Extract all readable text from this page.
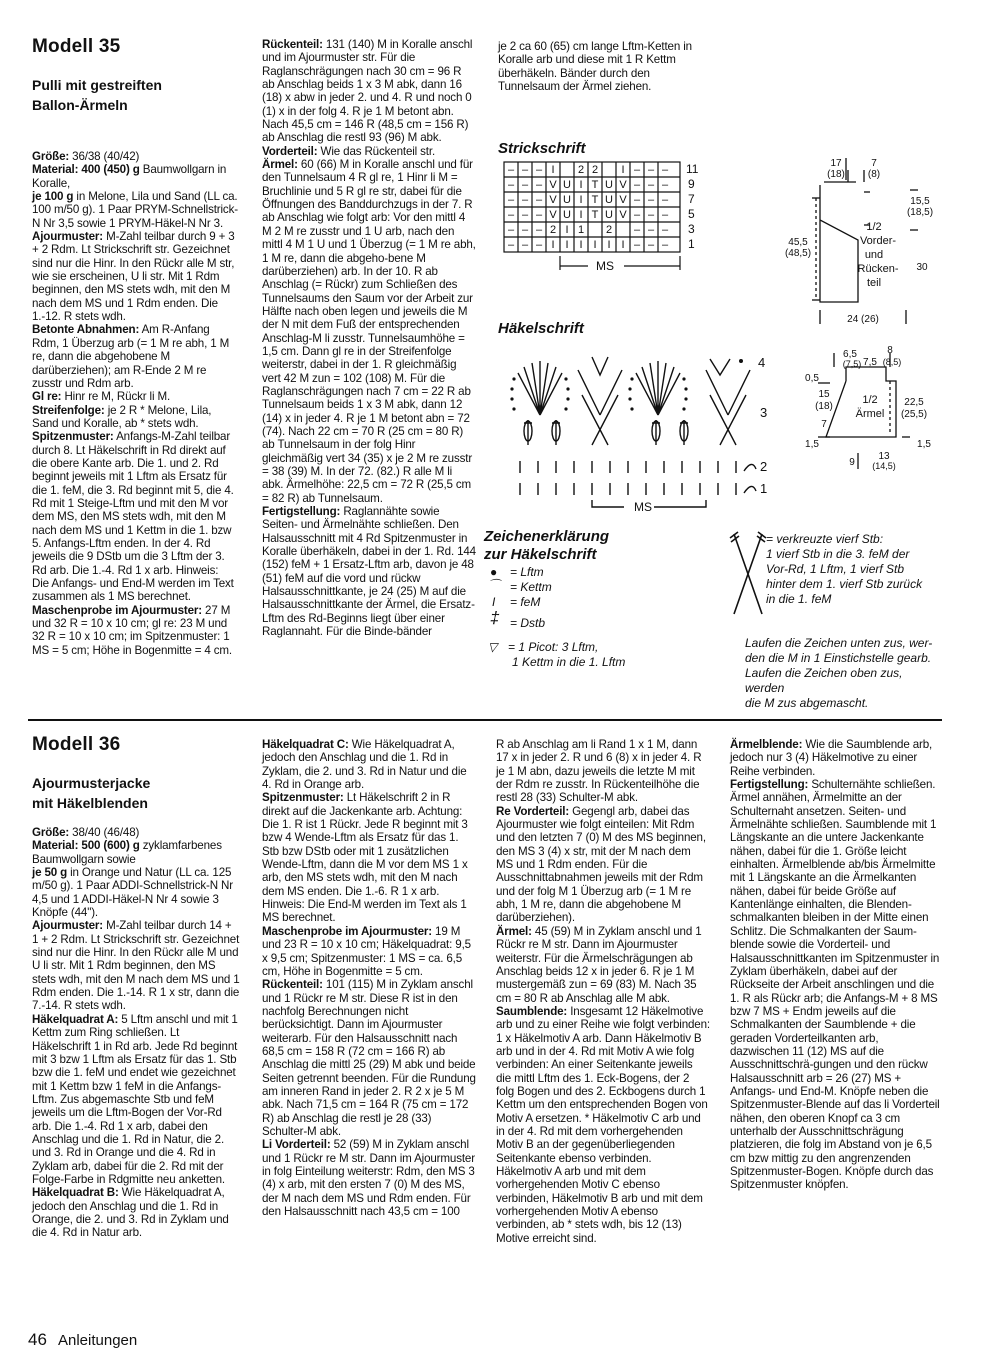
Modell 35
Pulli mit gestreiften
Ballon-Ärmeln

Größe: 36/38 (40/42)

Material: 400 (450) g Baumwollgarn in Koralle,

je 100 g in Melone, Lila und Sand (LL ca. 100 m/50 g). 1 Paar PRYM-Schnellstrick-N Nr 3,5 sowie 1 PRYM-Häkel-N Nr 3.

Ajourmuster: M-Zahl teilbar durch 9 + 3 + 2 Rdm. Lt Strickschrift str. Gezeichnet sind nur die Hinr. In den Rückr alle M str, wie sie erscheinen, U li str. Mit 1 Rdm beginnen, den MS stets wdh, mit den M nach dem MS und 1 Rdm enden. Die 1.-12. R stets wdh.

Betonte Abnahmen: Am R-Anfang Rdm, 1 Überzug arb (= 1 M re abh, 1 M re, dann die abgehobene M darüberziehen); am R-Ende 2 M re zusstr und Rdm arb.

Gl re: Hinr re M, Rückr li M.

Streifenfolge: je 2 R * Melone, Lila, Sand und Koralle, ab * stets wdh.

Spitzenmuster: Anfangs-M-Zahl teilbar durch 8. Lt Häkelschrift in Rd direkt auf die obere Kante arb. Die 1. und 2. Rd beginnt jeweils mit 1 Lftm als Ersatz für die 1. feM, die 3. Rd beginnt mit 5, die 4. Rd mit 1 Steige-Lftm und mit den M vor dem MS, den MS stets wdh, mit den M nach dem MS und 1 Kettm in die 1. bzw 5. Anfangs-Lftm enden. In der 4. Rd jeweils die 9 DStb um die 3 Lftm der 3. Rd arb. Die 1.-4. Rd 1 x arb. Hinweis: Die Anfangs- und End-M werden im Text zusammen als 1 MS berechnet.

Maschenprobe im Ajourmuster: 27 M und 32 R = 10 x 10 cm; gl re: 23 M und 32 R = 10 x 10 cm; im Spitzenmuster: 1 MS = 5 cm; Höhe in Bogenmitte = 4 cm.

Rückenteil: 131 (140) M in Koralle anschl und im Ajourmuster str. Für die Raglanschrägungen nach 30 cm = 96 R ab Anschlag beids 1 x 3 M abk, dann 16 (18) x abw in jeder 2. und 4. R und noch 0 (1) x in der folg 4. R je 1 M betont abn. Nach 45,5 cm = 146 R (48,5 cm = 156 R) ab Anschlag die restl 93 (96) M abk.

Vorderteil: Wie das Rückenteil str.

Ärmel: 60 (66) M in Koralle anschl und für den Tunnelsaum 4 R gl re, 1 Hinr li M = Bruchlinie und 5 R gl re str, dabei für die Öffnungen des Banddurchzugs in der 7. R ab Anschlag wie folgt arb: Vor den mittl 4 M 2 M re zusstr und 1 U arb, nach den mittl 4 M 1 U und 1 Überzug (= 1 M re abh, 1 M re, dann die abgeho-bene M darüberziehen) arb. In der 10. R ab Anschlag (= Rückr) zum Schließen des Tunnelsaums den Saum vor der Arbeit zur Hälfte nach oben legen und jeweils die M der N mit dem Fuß der entsprechenden Anschlag-M li zusstr. Tunnelsaumhöhe = 1,5 cm. Dann gl re in der Streifenfolge weiterstr, dabei in der 1. R gleichmäßig vert 42 M zun = 102 (108) M. Für die Raglanschrägungen nach 7 cm = 22 R ab Tunnelsaum beids 1 x 3 M abk, dann 12 (14) x in jeder 4. R je 1 M betont abn = 72 (74). Nach 22 cm = 70 R (25 cm = 80 R) ab Tunnelsaum in der folg Hinr gleichmäßig vert 34 (35) x je 2 M re zusstr = 38 (39) M. In der 72. (82.) R alle M li abk. Ärmelhöhe: 22,5 cm = 72 R (25,5 cm = 82 R) ab Tunnelsaum.

Fertigstellung: Raglannähte sowie Seiten- und Ärmelnähte schließen. Den Halsausschnitt mit 4 Rd Spitzenmuster in Koralle überhäkeln, dabei in der 1. Rd. 144 (152) feM + 1 Ersatz-Lftm arb, davon je 48 (51) feM auf die vord und rückw Halsausschnittkante, je 24 (25) M auf die Halsausschnittkante der Ärmel, die Ersatz-Lftm des Rd-Beginns liegt über einer Raglannaht. Für die Binde-bänder

je 2 ca 60 (65) cm lange Lftm-Ketten in Koralle arb und diese mit 1 R Kettm überhäkeln. Bänder durch den Tunnelsaum der Ärmel ziehen.
Strickschrift
– – – I 2 2 I – – –
– – – V U I T U V – – –
– – – V U I T U V – – –
– – – V U I T U V – – –
– – – 2 I 1 2 – – –
– – – I I I I I I – – –
11
9
7
5
3
1
MS
Häkelschrift
4
3
2
1
MS
Zeichenerklärung
zur Häkelschrift
● = Lftm
⌒ = Kettm
I = feM
‡ = Dstb
▽ = 1 Picot: 3 Lftm,
1 Kettm in die 1. Lftm
= verkreuzte vierf Stb:
1 vierf Stb in die 3. feM der
Vor-Rd, 1 Lftm, 1 vierf Stb
hinter dem 1. vierf Stb zurück
in die 1. feM
Laufen die Zeichen unten zus, wer-
den die M in 1 Einstichstelle gearb.
Laufen die Zeichen oben zus, werden
die M zus abgemascht.
17
(18)
7
(8)
15,5
(18,5)
30
45,5
(48,5)
1/2
Vorder-
und
Rücken-
teil
24 (26)
6,5
(7,5) 7,5
8
(8,5)
0,5
15
(18)
7
1,5
1/2
Ärmel
22,5
(25,5)
1,5
9
13
(14,5)
Modell 36
Ajourmusterjacke
mit Häkelblenden

Größe: 38/40 (46/48)

Material: 500 (600) g zyklamfarbenes Baumwollgarn sowie

je 50 g in Orange und Natur (LL ca. 125 m/50 g). 1 Paar ADDI-Schnellstrick-N Nr 4,5 und 1 ADDI-Häkel-N Nr 4 sowie 3 Knöpfe (44").

Ajourmuster: M-Zahl teilbar durch 14 + 1 + 2 Rdm. Lt Strickschrift str. Gezeichnet sind nur die Hinr. In den Rückr alle M und U li str. Mit 1 Rdm beginnen, den MS stets wdh, mit den M nach dem MS und 1 Rdm enden. Die 1.-14. R 1 x str, dann die 7.-14. R stets wdh.

Häkelquadrat A: 5 Lftm anschl und mit 1 Kettm zum Ring schließen. Lt Häkelschrift 1 in Rd arb. Jede Rd beginnt mit 3 bzw 1 Lftm als Ersatz für das 1. Stb bzw die 1. feM und endet wie gezeichnet mit 1 Kettm bzw 1 feM in die Anfangs-Lftm. Zus abgemaschte Stb und feM jeweils um die Lftm-Bogen der Vor-Rd arb. Die 1.-4. Rd 1 x arb, dabei den Anschlag und die 1. Rd in Natur, die 2. und 3. Rd in Orange und die 4. Rd in Zyklam arb, dabei für die 2. Rd mit der Folge-Farbe in Rdgmitte neu anketten.

Häkelquadrat B: Wie Häkelquadrat A, jedoch den Anschlag und die 1. Rd in Orange, die 2. und 3. Rd in Zyklam und die 4. Rd in Natur arb.

Häkelquadrat C: Wie Häkelquadrat A, jedoch den Anschlag und die 1. Rd in Zyklam, die 2. und 3. Rd in Natur und die 4. Rd in Orange arb.

Spitzenmuster: Lt Häkelschrift 2 in R direkt auf die Jackenkante arb. Achtung: Die 1. R ist 1 Rückr. Jede R beginnt mit 3 bzw 4 Wende-Lftm als Ersatz für das 1. Stb bzw DStb oder mit 1 zusätzlichen Wende-Lftm, dann die M vor dem MS 1 x arb, den MS stets wdh, mit den M nach dem MS enden. Die 1.-6. R 1 x arb. Hinweis: Die End-M werden im Text als 1 MS berechnet.

Maschenprobe im Ajourmuster: 19 M und 23 R = 10 x 10 cm; Häkelquadrat: 9,5 x 9,5 cm; Spitzenmuster: 1 MS = ca. 6,5 cm, Höhe in Bogenmitte = 5 cm.

Rückenteil: 101 (115) M in Zyklam anschl und 1 Rückr re M str. Diese R ist in den nachfolg Berechnungen nicht berücksichtigt. Dann im Ajourmuster weiterarb. Für den Halsausschnitt nach 68,5 cm = 158 R (72 cm = 166 R) ab Anschlag die mittl 25 (29) M abk und beide Seiten getrennt beenden. Für die Rundung am inneren Rand in jeder 2. R 2 x je 5 M abk. Nach 71,5 cm = 164 R (75 cm = 172 R) ab Anschlag die restl je 28 (33) Schulter-M abk.

Li Vorderteil: 52 (59) M in Zyklam anschl und 1 Rückr re M str. Dann im Ajourmuster in folg Einteilung weiterstr: Rdm, den MS 3 (4) x arb, mit den ersten 7 (0) M des MS, der M nach dem MS und Rdm enden. Für den Halsausschnitt nach 43,5 cm = 100

R ab Anschlag am li Rand 1 x 1 M, dann 17 x in jeder 2. R und 6 (8) x in jeder 4. R je 1 M abn, dazu jeweils die letzte M mit der Rdm re zusstr. In Rückenteilhöhe die restl 28 (33) Schulter-M abk.

Re Vorderteil: Gegengl arb, dabei das Ajourmuster wie folgt einteilen: Mit Rdm und den letzten 7 (0) M des MS beginnen, den MS 3 (4) x str, mit der M nach dem MS und 1 Rdm enden. Für die Ausschnittabnahmen jeweils mit der Rdm und der folg M 1 Überzug arb (= 1 M re abh, 1 M re, dann die abgehobene M darüberziehen).

Ärmel: 45 (59) M in Zyklam anschl und 1 Rückr re M str. Dann im Ajourmuster weiterstr. Für die Ärmelschrägungen ab Anschlag beids 12 x in jeder 6. R je 1 M mustergemäß zun = 69 (83) M. Nach 35 cm = 80 R ab Anschlag alle M abk.

Saumblende: Insgesamt 12 Häkelmotive arb und zu einer Reihe wie folgt verbinden: 1 x Häkelmotiv A arb. Dann Häkelmotiv B arb und in der 4. Rd mit Motiv A wie folg verbinden: An einer Seitenkante jeweils die mittl Lftm des 1. Eck-Bogens, der 2 folg Bogen und des 2. Eckbogens durch 1 Kettm um den entsprechenden Bogen von Motiv A ersetzen. * Häkelmotiv C arb und in der 4. Rd mit dem vorhergehenden Motiv B an der gegenüberliegenden Seitenkante ebenso verbinden. Häkelmotiv A arb und mit dem vorhergehenden Motiv C ebenso verbinden, Häkelmotiv B arb und mit dem vorhergehenden Motiv A ebenso verbinden, ab * stets wdh, bis 12 (13) Motive erreicht sind.

Ärmelblende: Wie die Saumblende arb, jedoch nur 3 (4) Häkelmotive zu einer Reihe verbinden.

Fertigstellung: Schulternähte schließen. Ärmel annähen, Ärmelmitte an der Schulternaht ansetzen. Seiten- und Ärmelnähte schließen. Saumblende mit 1 Längskante an die untere Jackenkante nähen, dabei für die 1. Größe leicht einhalten. Ärmelblende ab/bis Ärmelmitte mit 1 Längskante an die Ärmelkanten nähen, dabei für beide Größe auf Kantenlänge einhalten, die Blenden-schmalkanten bleiben in der Mitte einen Schlitz. Die Schmalkanten der Saum-blende sowie die Vorderteil- und Halsausschnittkanten im Spitzenmuster in Zyklam überhäkeln, dabei auf der Rückseite der Arbeit anschlingen und die 1. R als Rückr arb; die Anfangs-M + 8 MS bzw 7 MS + Endm jeweils auf die Schmalkanten der Saumblende + die geraden Vorderteilkanten arb, dazwischen 11 (12) MS auf die Ausschnittschrä-gungen und den rückw Halsausschnitt arb = 26 (27) MS + Anfangs- und End-M. Knöpfe neben die Spitzenmuster-Blende auf das li Vorderteil nähen, den oberen Knopf ca 3 cm unterhalb der Ausschnittschrägung platzieren, die folg im Abstand von je 6,5 cm bzw mittig zu den angrenzenden Spitzenmuster-Bogen. Knöpfe durch das Spitzenmuster knöpfen.

46 Anleitungen
